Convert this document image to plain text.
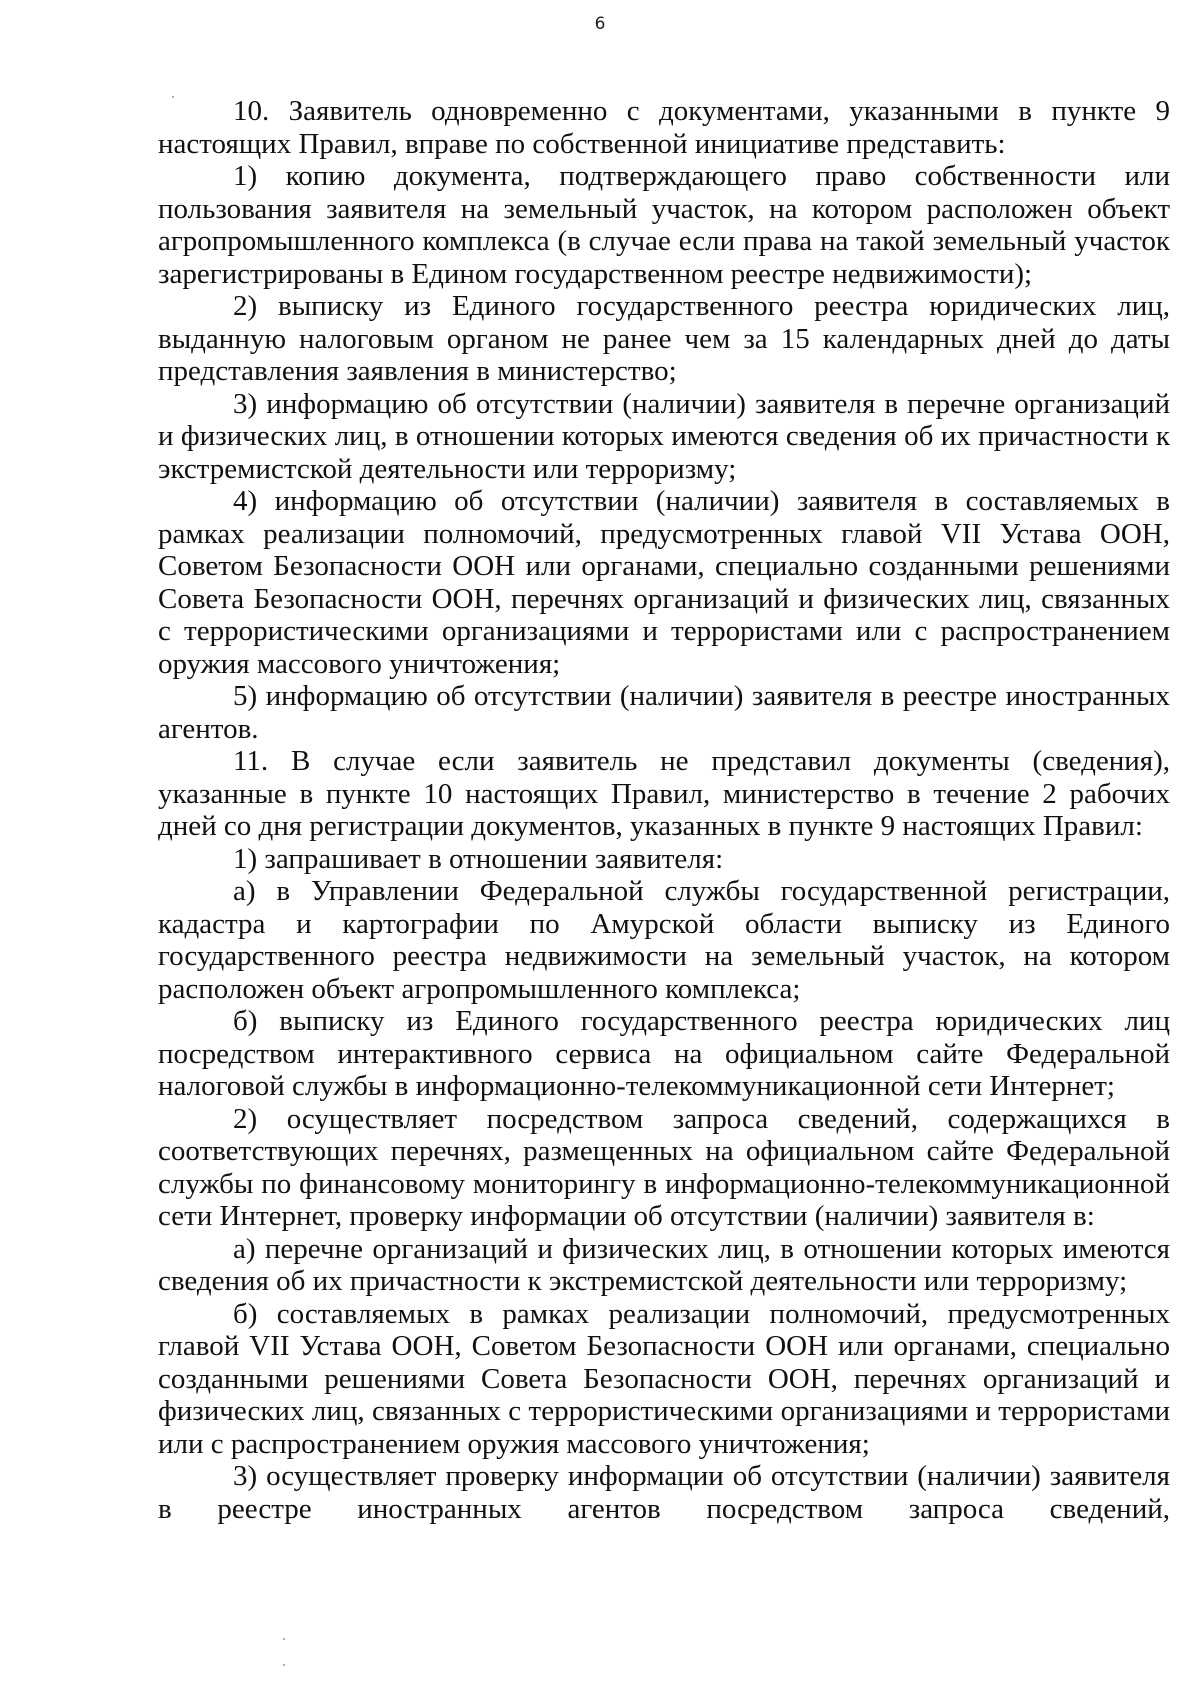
6

10. Заявитель одновременно с документами, указанными в пункте 9 настоящих Правил, вправе по собственной инициативе представить:

1) копию документа, подтверждающего право собственности или пользования заявителя на земельный участок, на котором расположен объект агропромышленного комплекса (в случае если права на такой земельный участок зарегистрированы в Едином государственном реестре недвижимости);

2) выписку из Единого государственного реестра юридических лиц, выданную налоговым органом не ранее чем за 15 календарных дней до даты представления заявления в министерство;

3) информацию об отсутствии (наличии) заявителя в перечне организаций и физических лиц, в отношении которых имеются сведения об их причастности к экстремистской деятельности или терроризму;

4) информацию об отсутствии (наличии) заявителя в составляемых в рамках реализации полномочий, предусмотренных главой VII Устава ООН, Советом Безопасности ООН или органами, специально созданными решениями Совета Безопасности ООН, перечнях организаций и физических лиц, связанных с террористическими организациями и террористами или с распространением оружия массового уничтожения;

5) информацию об отсутствии (наличии) заявителя в реестре иностранных агентов.

11. В случае если заявитель не представил документы (сведения), указанные в пункте 10 настоящих Правил, министерство в течение 2 рабочих дней со дня регистрации документов, указанных в пункте 9 настоящих Правил:

1) запрашивает в отношении заявителя:

а) в Управлении Федеральной службы государственной регистрации, кадастра и картографии по Амурской области выписку из Единого государственного реестра недвижимости на земельный участок, на котором расположен объект агропромышленного комплекса;

б) выписку из Единого государственного реестра юридических лиц посредством интерактивного сервиса на официальном сайте Федеральной налоговой службы в информационно-телекоммуникационной сети Интернет;

2) осуществляет посредством запроса сведений, содержащихся в соответствующих перечнях, размещенных на официальном сайте Федеральной службы по финансовому мониторингу в информационно-телекоммуникационной сети Интернет, проверку информации об отсутствии (наличии) заявителя в:

а) перечне организаций и физических лиц, в отношении которых имеются сведения об их причастности к экстремистской деятельности или терроризму;

б) составляемых в рамках реализации полномочий, предусмотренных главой VII Устава ООН, Советом Безопасности ООН или органами, специально созданными решениями Совета Безопасности ООН, перечнях организаций и физических лиц, связанных с террористическими организациями и террористами или с распространением оружия массового уничтожения;

3) осуществляет проверку информации об отсутствии (наличии) заявителя в реестре иностранных агентов посредством запроса сведений,
